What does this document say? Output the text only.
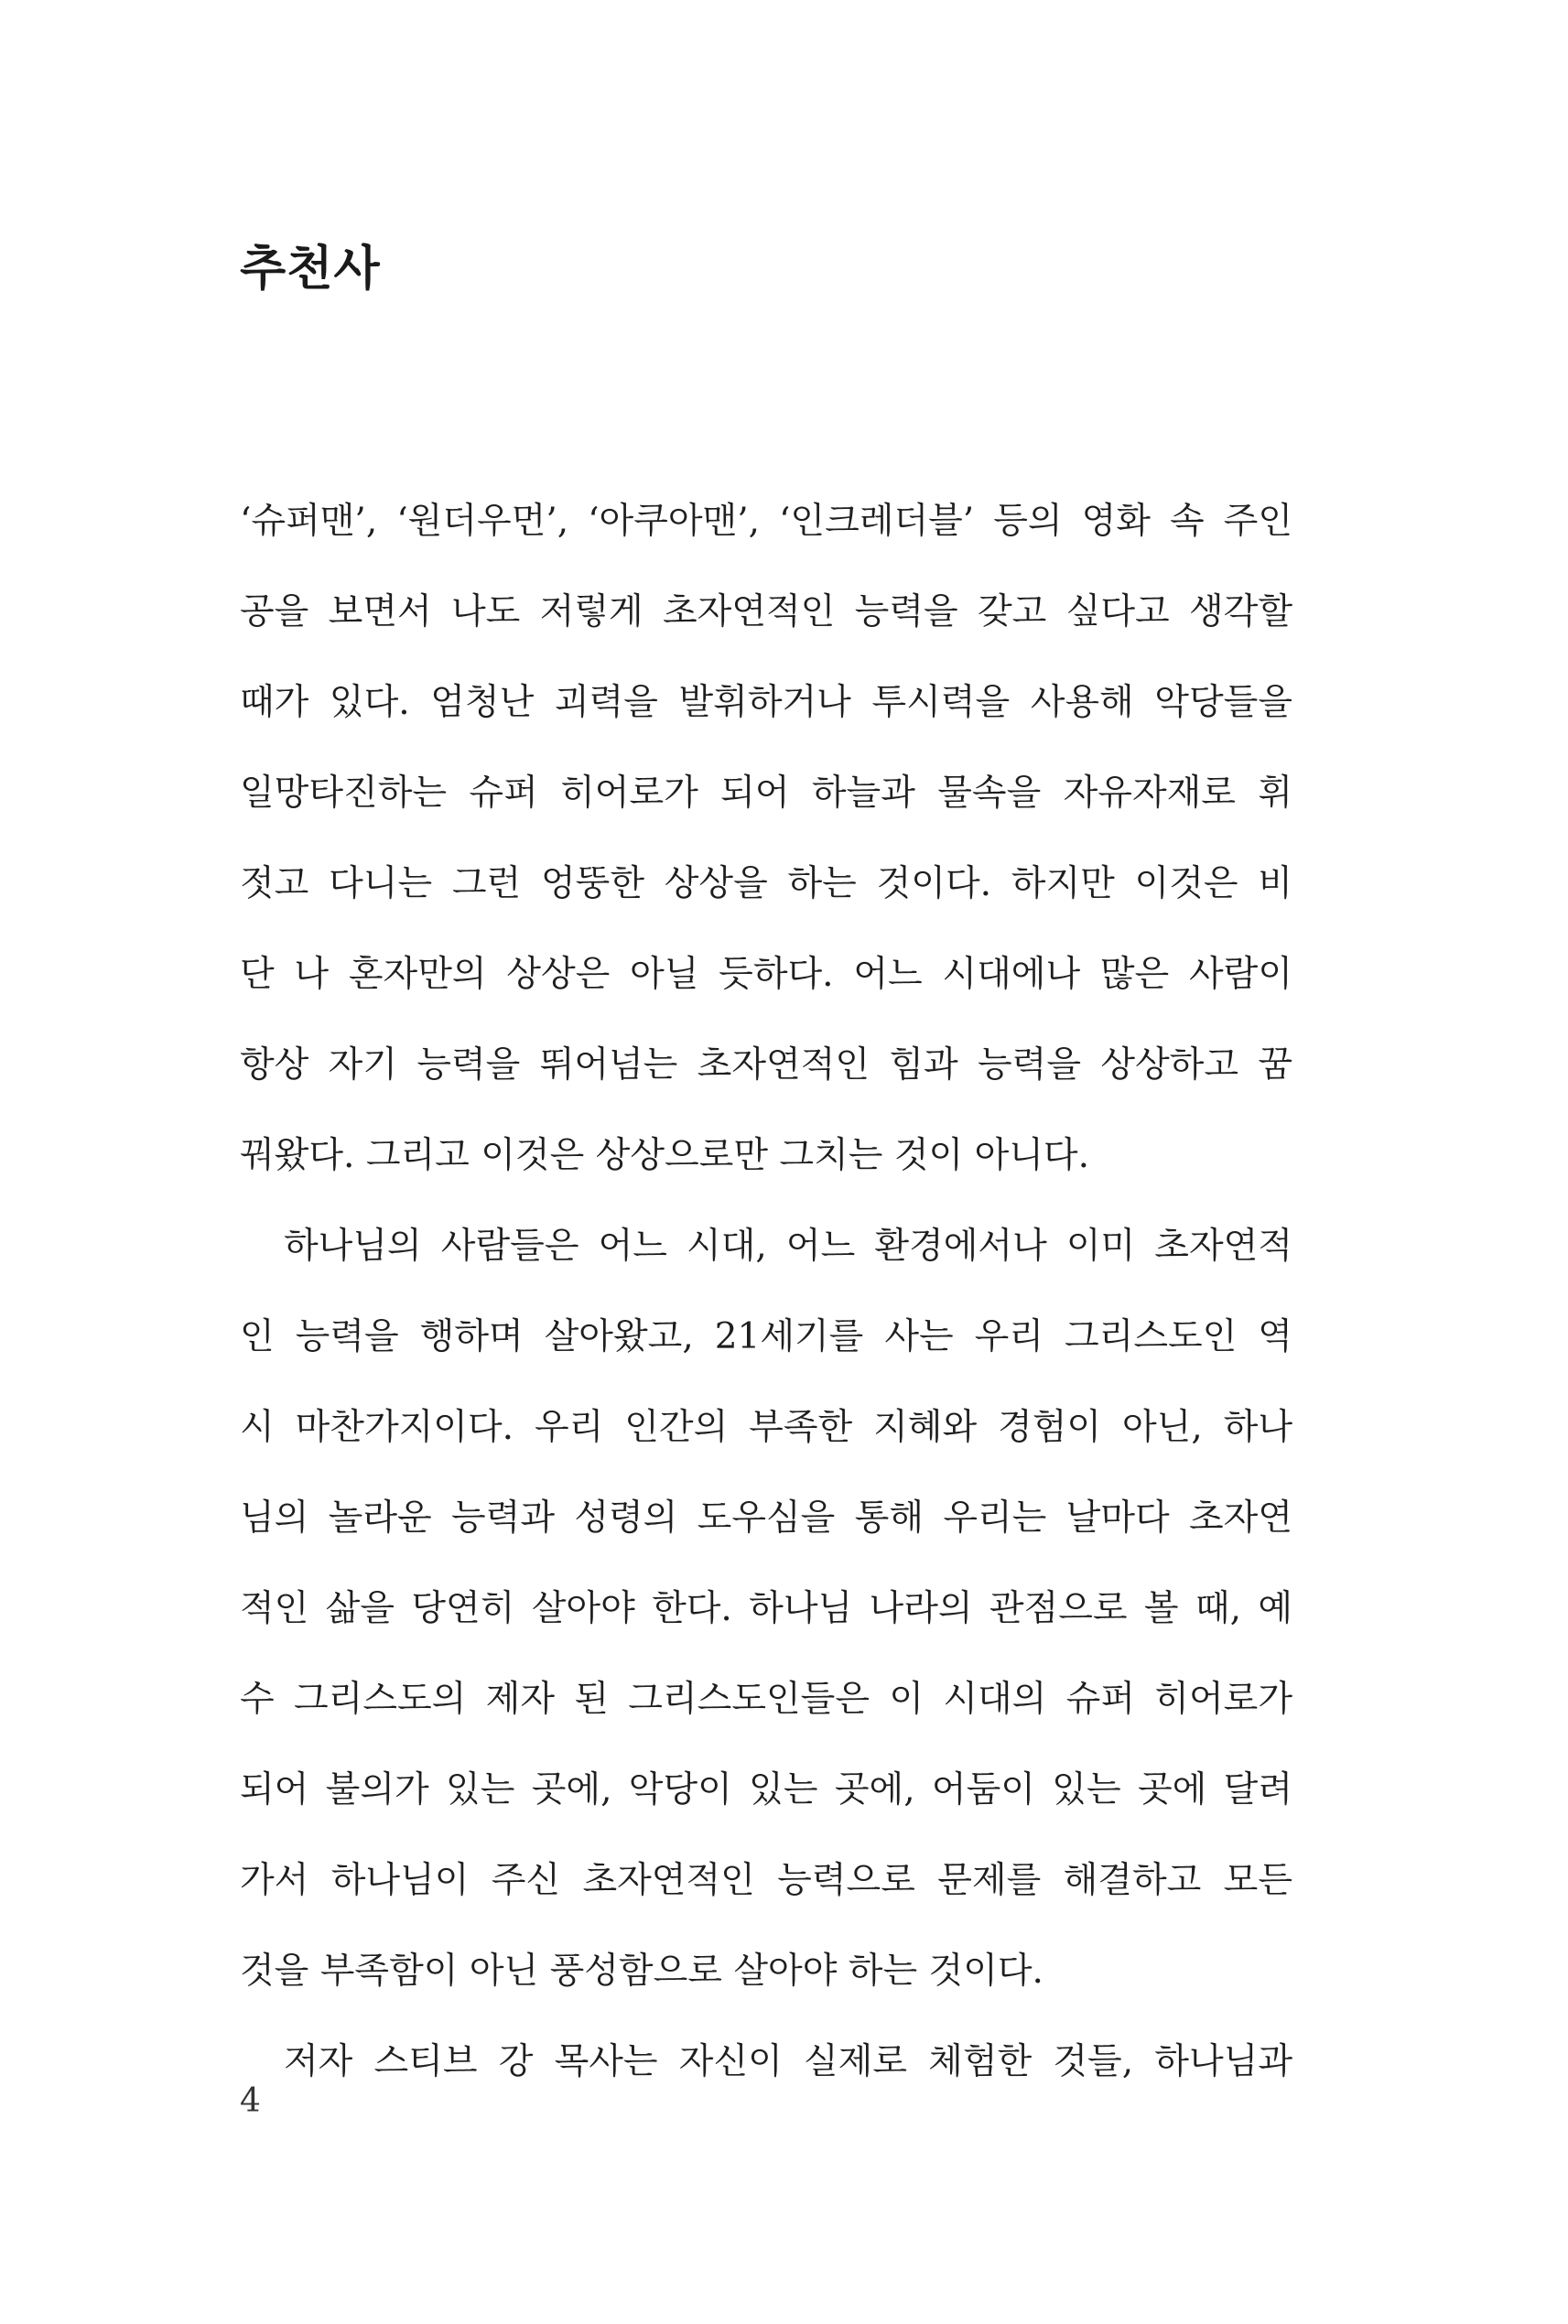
추천사
‘슈퍼맨’, ‘원더우먼’, ‘아쿠아맨’, ‘인크레더블’ 등의 영화 속 주인
공을 보면서 나도 저렇게 초자연적인 능력을 갖고 싶다고 생각할
때가 있다. 엄청난 괴력을 발휘하거나 투시력을 사용해 악당들을
일망타진하는 슈퍼 히어로가 되어 하늘과 물속을 자유자재로 휘
젓고 다니는 그런 엉뚱한 상상을 하는 것이다. 하지만 이것은 비
단 나 혼자만의 상상은 아닐 듯하다. 어느 시대에나 많은 사람이
항상 자기 능력을 뛰어넘는 초자연적인 힘과 능력을 상상하고 꿈
꿔왔다. 그리고 이것은 상상으로만 그치는 것이 아니다.
하나님의 사람들은 어느 시대, 어느 환경에서나 이미 초자연적
인 능력을 행하며 살아왔고, 21세기를 사는 우리 그리스도인 역
시 마찬가지이다. 우리 인간의 부족한 지혜와 경험이 아닌, 하나
님의 놀라운 능력과 성령의 도우심을 통해 우리는 날마다 초자연
적인 삶을 당연히 살아야 한다. 하나님 나라의 관점으로 볼 때, 예
수 그리스도의 제자 된 그리스도인들은 이 시대의 슈퍼 히어로가
되어 불의가 있는 곳에, 악당이 있는 곳에, 어둠이 있는 곳에 달려
가서 하나님이 주신 초자연적인 능력으로 문제를 해결하고 모든
것을 부족함이 아닌 풍성함으로 살아야 하는 것이다.
저자 스티브 강 목사는 자신이 실제로 체험한 것들, 하나님과
4
